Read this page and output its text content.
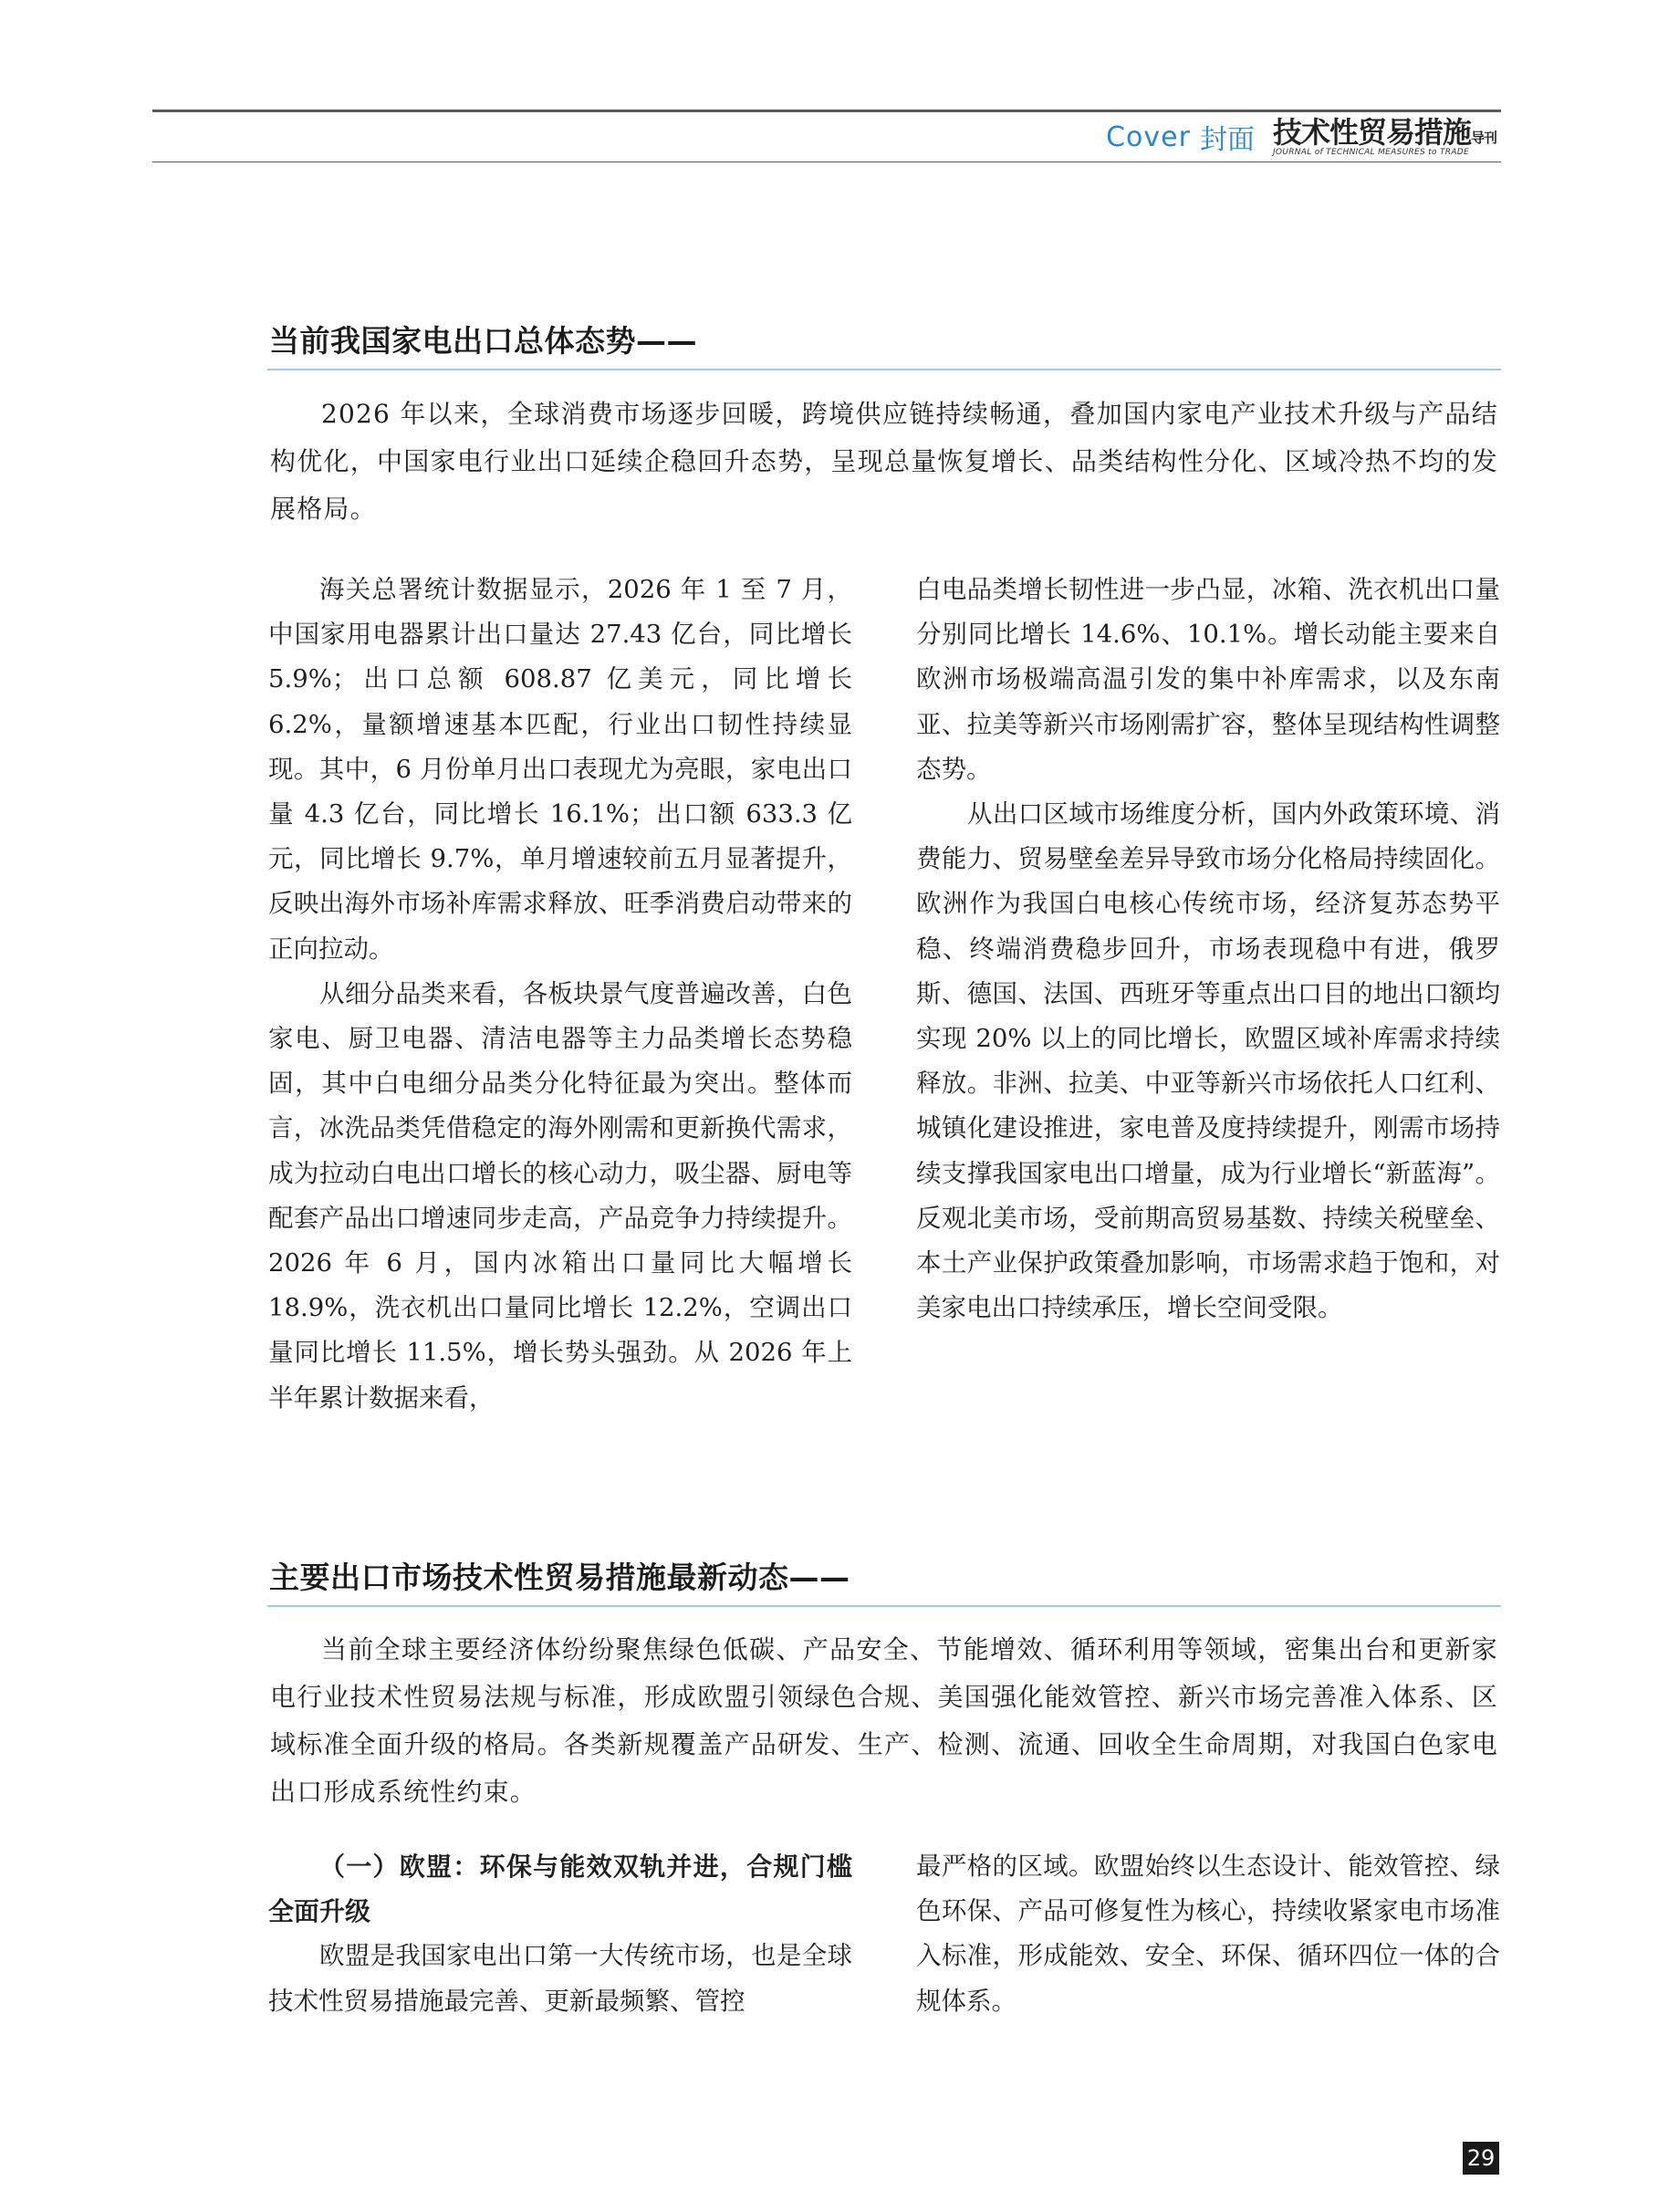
Cover 封面 技术性贸易措施导刊
JOURNAL of TECHNICAL MEASURES to TRADE
当前我国家电出口总体态势——

2026 年以来，全球消费市场逐步回暖，跨境供应链持续畅通，叠加国内家电产业技术升级与产品结构优化，中国家电行业出口延续企稳回升态势，呈现总量恢复增长、品类结构性分化、区域冷热不均的发展格局。

海关总署统计数据显示，2026 年 1 至 7 月，中国家用电器累计出口量达 27.43 亿台，同比增长 5.9%；出口总额 608.87 亿美元，同比增长 6.2%，量额增速基本匹配，行业出口韧性持续显现。其中，6 月份单月出口表现尤为亮眼，家电出口量 4.3 亿台，同比增长 16.1%；出口额 633.3 亿元，同比增长 9.7%，单月增速较前五月显著提升，反映出海外市场补库需求释放、旺季消费启动带来的正向拉动。

从细分品类来看，各板块景气度普遍改善，白色家电、厨卫电器、清洁电器等主力品类增长态势稳固，其中白电细分品类分化特征最为突出。整体而言，冰洗品类凭借稳定的海外刚需和更新换代需求，成为拉动白电出口增长的核心动力，吸尘器、厨电等配套产品出口增速同步走高，产品竞争力持续提升。2026 年 6 月，国内冰箱出口量同比大幅增长 18.9%，洗衣机出口量同比增长 12.2%，空调出口量同比增长 11.5%，增长势头强劲。从 2026 年上半年累计数据来看，

白电品类增长韧性进一步凸显，冰箱、洗衣机出口量分别同比增长 14.6%、10.1%。增长动能主要来自欧洲市场极端高温引发的集中补库需求，以及东南亚、拉美等新兴市场刚需扩容，整体呈现结构性调整态势。

从出口区域市场维度分析，国内外政策环境、消费能力、贸易壁垒差异导致市场分化格局持续固化。欧洲作为我国白电核心传统市场，经济复苏态势平稳、终端消费稳步回升，市场表现稳中有进，俄罗斯、德国、法国、西班牙等重点出口目的地出口额均实现 20% 以上的同比增长，欧盟区域补库需求持续释放。非洲、拉美、中亚等新兴市场依托人口红利、城镇化建设推进，家电普及度持续提升，刚需市场持续支撑我国家电出口增量，成为行业增长“新蓝海”。反观北美市场，受前期高贸易基数、持续关税壁垒、本土产业保护政策叠加影响，市场需求趋于饱和，对美家电出口持续承压，增长空间受限。

主要出口市场技术性贸易措施最新动态——

当前全球主要经济体纷纷聚焦绿色低碳、产品安全、节能增效、循环利用等领域，密集出台和更新家电行业技术性贸易法规与标准，形成欧盟引领绿色合规、美国强化能效管控、新兴市场完善准入体系、区域标准全面升级的格局。各类新规覆盖产品研发、生产、检测、流通、回收全生命周期，对我国白色家电出口形成系统性约束。

（一）欧盟：环保与能效双轨并进，合规门槛全面升级

欧盟是我国家电出口第一大传统市场，也是全球技术性贸易措施最完善、更新最频繁、管控

最严格的区域。欧盟始终以生态设计、能效管控、绿色环保、产品可修复性为核心，持续收紧家电市场准入标准，形成能效、安全、环保、循环四位一体的合规体系。

29
